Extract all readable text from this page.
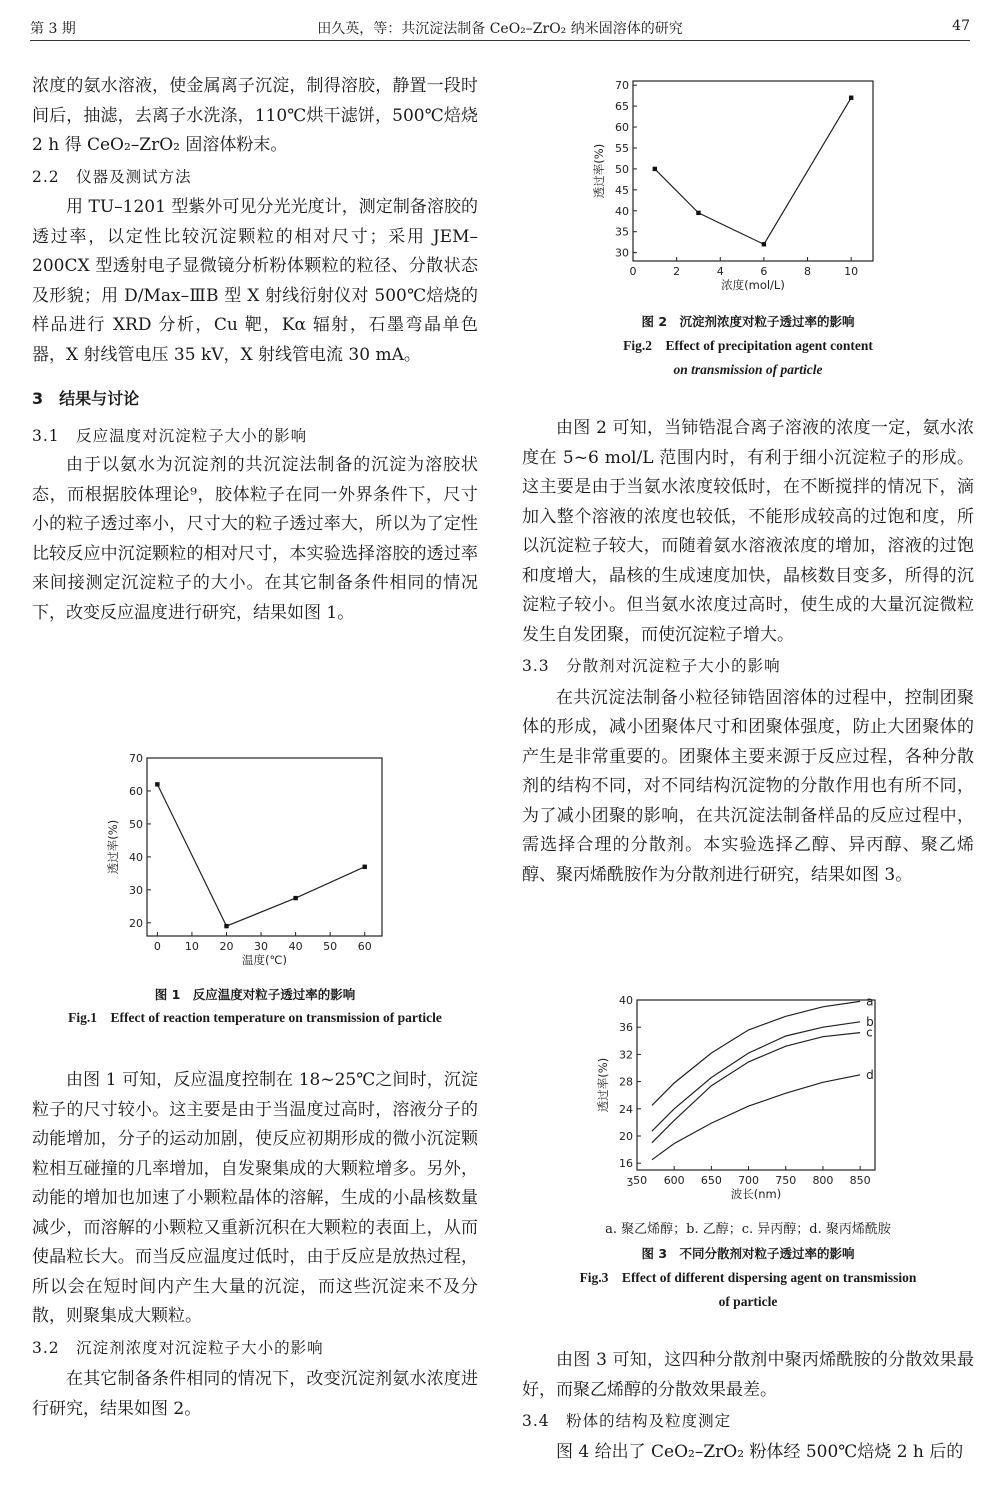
第 3 期	田久英，等：共沉淀法制备 CeO₂–ZrO₂ 纳米固溶体的研究	47

浓度的氨水溶液，使金属离子沉淀，制得溶胶，静置一段时间后，抽滤，去离子水洗涤，110℃烘干滤饼，500℃焙烧 2 h 得 CeO₂–ZrO₂ 固溶体粉末。

2.2　仪器及测试方法

用 TU–1201 型紫外可见分光光度计，测定制备溶胶的透过率，以定性比较沉淀颗粒的相对尺寸；采用 JEM–200CX 型透射电子显微镜分析粉体颗粒的粒径、分散状态及形貌；用 D/Max–ⅢB 型 X 射线衍射仪对 500℃焙烧的样品进行 XRD 分析，Cu 靶，Kα 辐射，石墨弯晶单色器，X 射线管电压 35 kV，X 射线管电流 30 mA。

3　结果与讨论

3.1　反应温度对沉淀粒子大小的影响

由于以氨水为沉淀剂的共沉淀法制备的沉淀为溶胶状态，而根据胶体理论⁹，胶体粒子在同一外界条件下，尺寸小的粒子透过率小，尺寸大的粒子透过率大，所以为了定性比较反应中沉淀颗粒的相对尺寸，本实验选择溶胶的透过率来间接测定沉淀粒子的大小。在其它制备条件相同的情况下，改变反应温度进行研究，结果如图 1。

0 10 20 30 40 50 60
20
30
40
50
60
70
温度(℃)
透过率(%)
图 1　反应温度对粒子透过率的影响
Fig.1　Effect of reaction temperature on transmission of particle

由图 1 可知，反应温度控制在 18~25℃之间时，沉淀粒子的尺寸较小。这主要是由于当温度过高时，溶液分子的动能增加，分子的运动加剧，使反应初期形成的微小沉淀颗粒相互碰撞的几率增加，自发聚集成的大颗粒增多。另外，动能的增加也加速了小颗粒晶体的溶解，生成的小晶核数量减少，而溶解的小颗粒又重新沉积在大颗粒的表面上，从而使晶粒长大。而当反应温度过低时，由于反应是放热过程，所以会在短时间内产生大量的沉淀，而这些沉淀来不及分散，则聚集成大颗粒。

3.2　沉淀剂浓度对沉淀粒子大小的影响

在其它制备条件相同的情况下，改变沉淀剂氨水浓度进行研究，结果如图 2。

0	2	4	6	8	10
30
35
40
45
50
55
60
65
70
浓度(mol/L)
透过率(%)
图 2　沉淀剂浓度对粒子透过率的影响
Fig.2　Effect of precipitation agent content
on transmission of particle

由图 2 可知，当铈锆混合离子溶液的浓度一定，氨水浓度在 5~6 mol/L 范围内时，有利于细小沉淀粒子的形成。这主要是由于当氨水浓度较低时，在不断搅拌的情况下，滴加入整个溶液的浓度也较低，不能形成较高的过饱和度，所以沉淀粒子较大，而随着氨水溶液浓度的增加，溶液的过饱和度增大，晶核的生成速度加快，晶核数目变多，所得的沉淀粒子较小。但当氨水浓度过高时，使生成的大量沉淀微粒发生自发团聚，而使沉淀粒子增大。

3.3　分散剂对沉淀粒子大小的影响

在共沉淀法制备小粒径铈锆固溶体的过程中，控制团聚体的形成，减小团聚体尺寸和团聚体强度，防止大团聚体的产生是非常重要的。团聚体主要来源于反应过程，各种分散剂的结构不同，对不同结构沉淀物的分散作用也有所不同，为了减小团聚的影响，在共沉淀法制备样品的反应过程中，需选择合理的分散剂。本实验选择乙醇、异丙醇、聚乙烯醇、聚丙烯酰胺作为分散剂进行研究，结果如图 3。

ʒ50 600 650 700 750 800 850
16
20
24
28
32
36
40
波长(nm)
透过率(%)
a
b
c
d
a. 聚乙烯醇；b. 乙醇；c. 异丙醇；d. 聚丙烯酰胺
图 3　不同分散剂对粒子透过率的影响
Fig.3　Effect of different dispersing agent on transmission
of particle

由图 3 可知，这四种分散剂中聚丙烯酰胺的分散效果最好，而聚乙烯醇的分散效果最差。

3.4　粉体的结构及粒度测定

图 4 给出了 CeO₂–ZrO₂ 粉体经 500℃焙烧 2 h 后的
